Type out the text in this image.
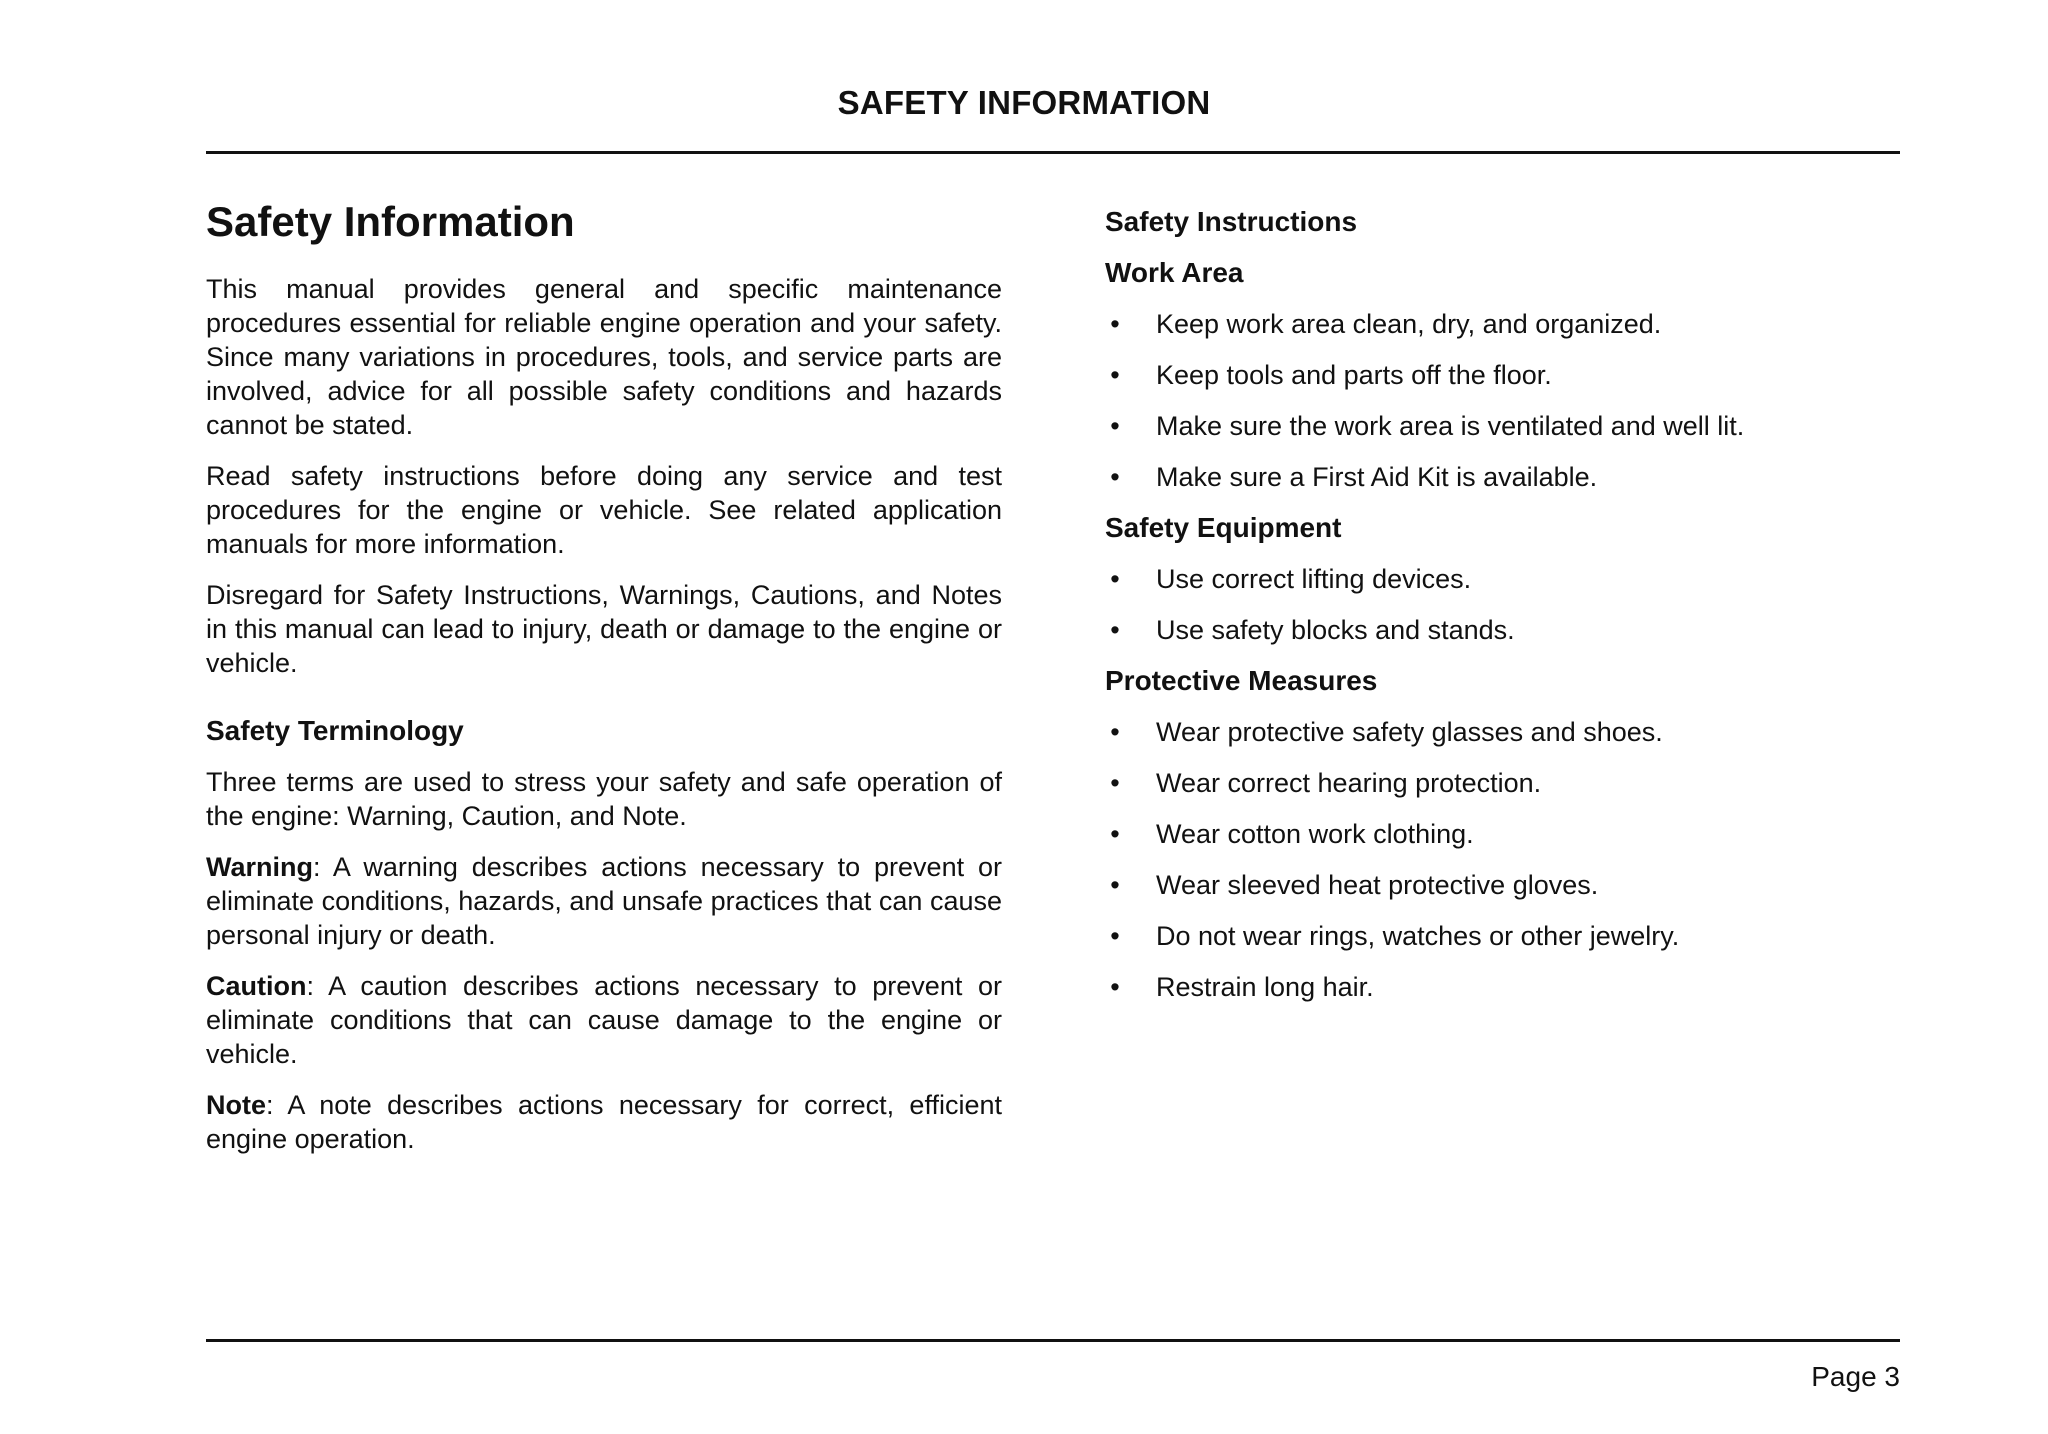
SAFETY INFORMATION
Safety Information

This manual provides general and specific maintenance procedures essential for reliable engine operation and your safety. Since many variations in procedures, tools, and service parts are involved, advice for all possible safety conditions and hazards cannot be stated.

Read safety instructions before doing any service and test procedures for the engine or vehicle. See related application manuals for more information.

Disregard for Safety Instructions, Warnings, Cautions, and Notes in this manual can lead to injury, death or damage to the engine or vehicle.

Safety Terminology

Three terms are used to stress your safety and safe operation of the engine: Warning, Caution, and Note.

Warning: A warning describes actions necessary to prevent or eliminate conditions, hazards, and unsafe practices that can cause personal injury or death.

Caution: A caution describes actions necessary to prevent or eliminate conditions that can cause damage to the engine or vehicle.

Note: A note describes actions necessary for correct, efficient engine operation.

Safety Instructions
Work Area
• Keep work area clean, dry, and organized.
• Keep tools and parts off the floor.
• Make sure the work area is ventilated and well lit.
• Make sure a First Aid Kit is available.
Safety Equipment
• Use correct lifting devices.
• Use safety blocks and stands.
Protective Measures
• Wear protective safety glasses and shoes.
• Wear correct hearing protection.
• Wear cotton work clothing.
• Wear sleeved heat protective gloves.
• Do not wear rings, watches or other jewelry.
• Restrain long hair.
Page 3
